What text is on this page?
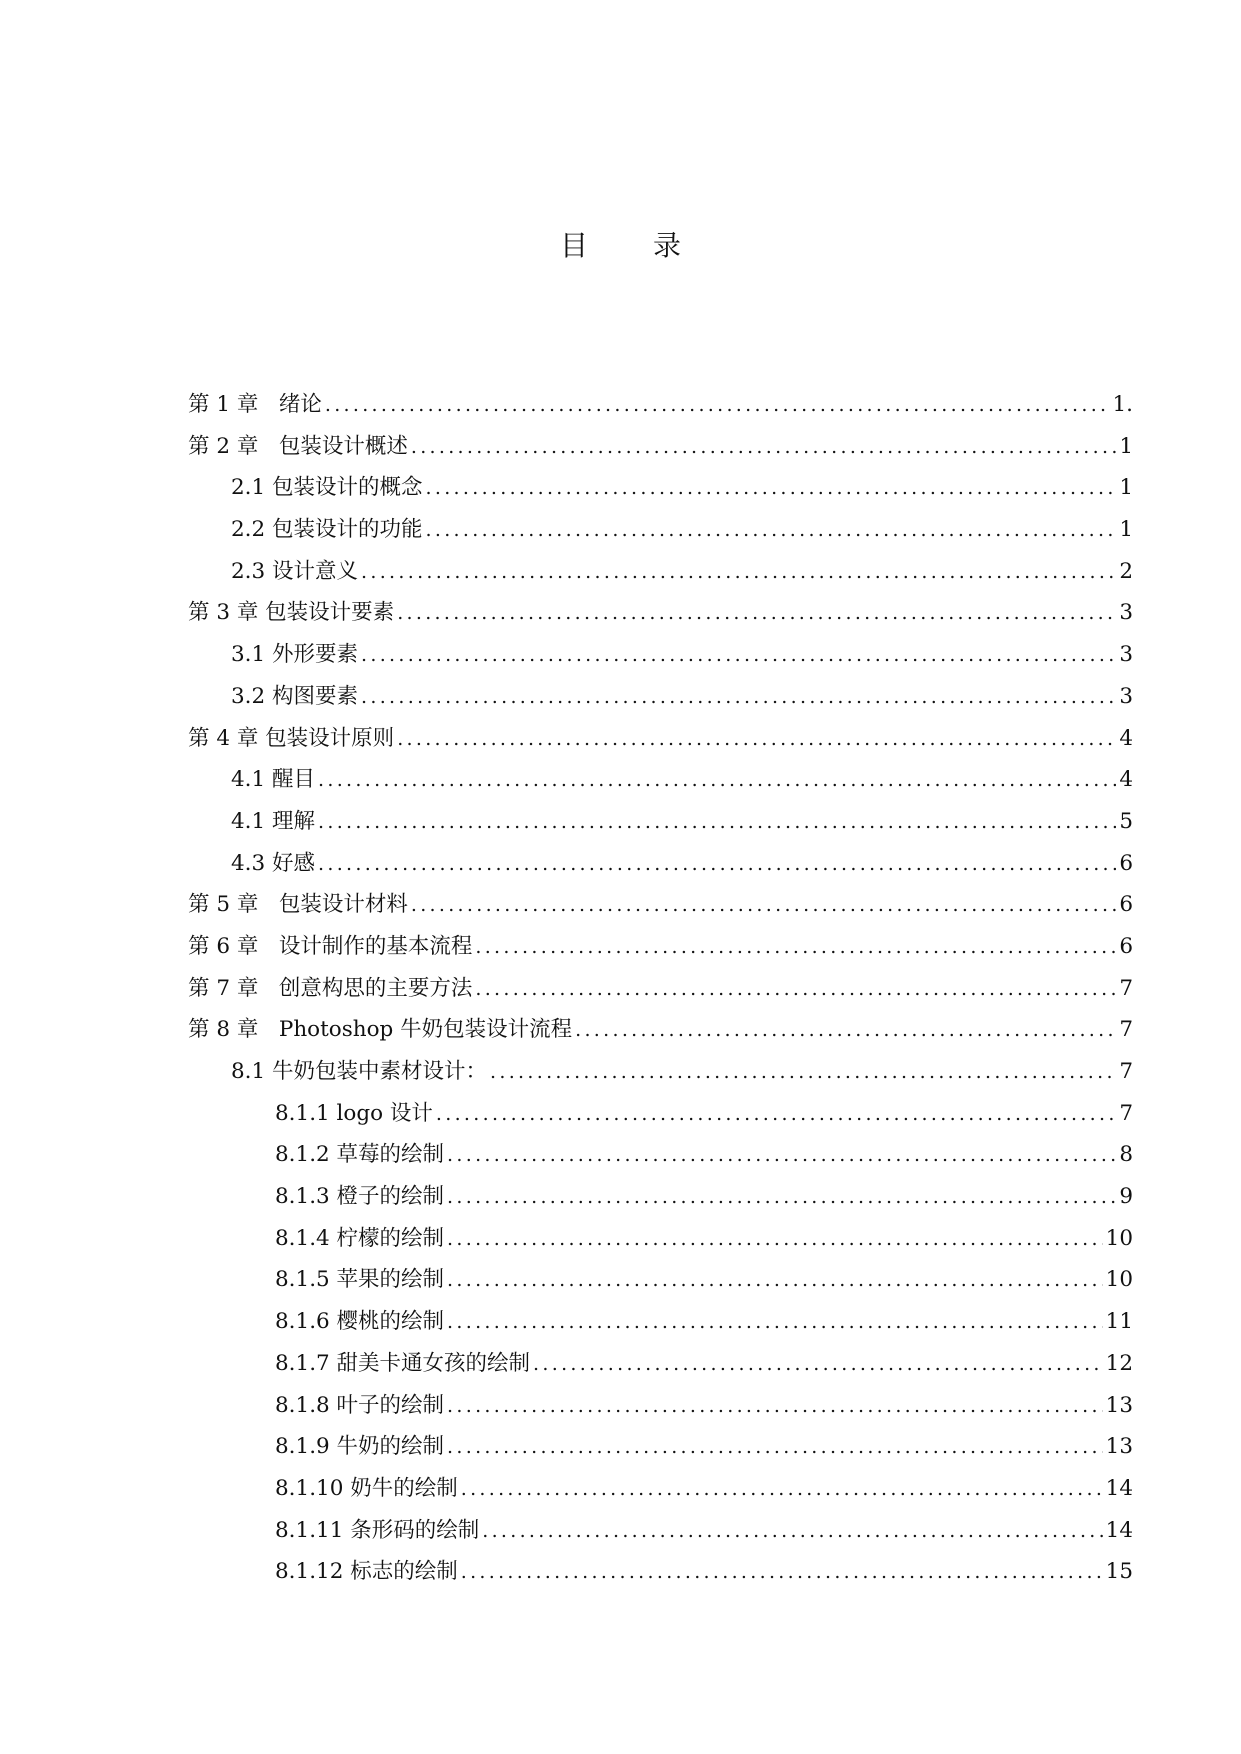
目 录
第 1 章   绪论 .....	1.
第 2 章   包装设计概述 .....	1
2.1 包装设计的概念 .....	1
2.2 包装设计的功能 .....	1
2.3 设计意义 .....	2
第 3 章 包装设计要素 .....	3
3.1 外形要素 .....	3
3.2 构图要素 .....	3
第 4 章 包装设计原则 .....	4
4.1 醒目 .....	4
4.1 理解 .....	5
4.3 好感 .....	6
第 5 章   包装设计材料 .....	6
第 6 章   设计制作的基本流程 .....	6
第 7 章   创意构思的主要方法 .....	7
第 8 章   Photoshop 牛奶包装设计流程 .....	7
8.1 牛奶包装中素材设计： .....	7
8.1.1 logo 设计 .....	7
8.1.2 草莓的绘制 .....	8
8.1.3 橙子的绘制 .....	9
8.1.4 柠檬的绘制 .....	10
8.1.5 苹果的绘制 .....	10
8.1.6 樱桃的绘制 .....	11
8.1.7 甜美卡通女孩的绘制 .....	12
8.1.8 叶子的绘制 .....	13
8.1.9 牛奶的绘制 .....	13
8.1.10 奶牛的绘制 .....	14
8.1.11 条形码的绘制 .....	14
8.1.12 标志的绘制 .....	15
